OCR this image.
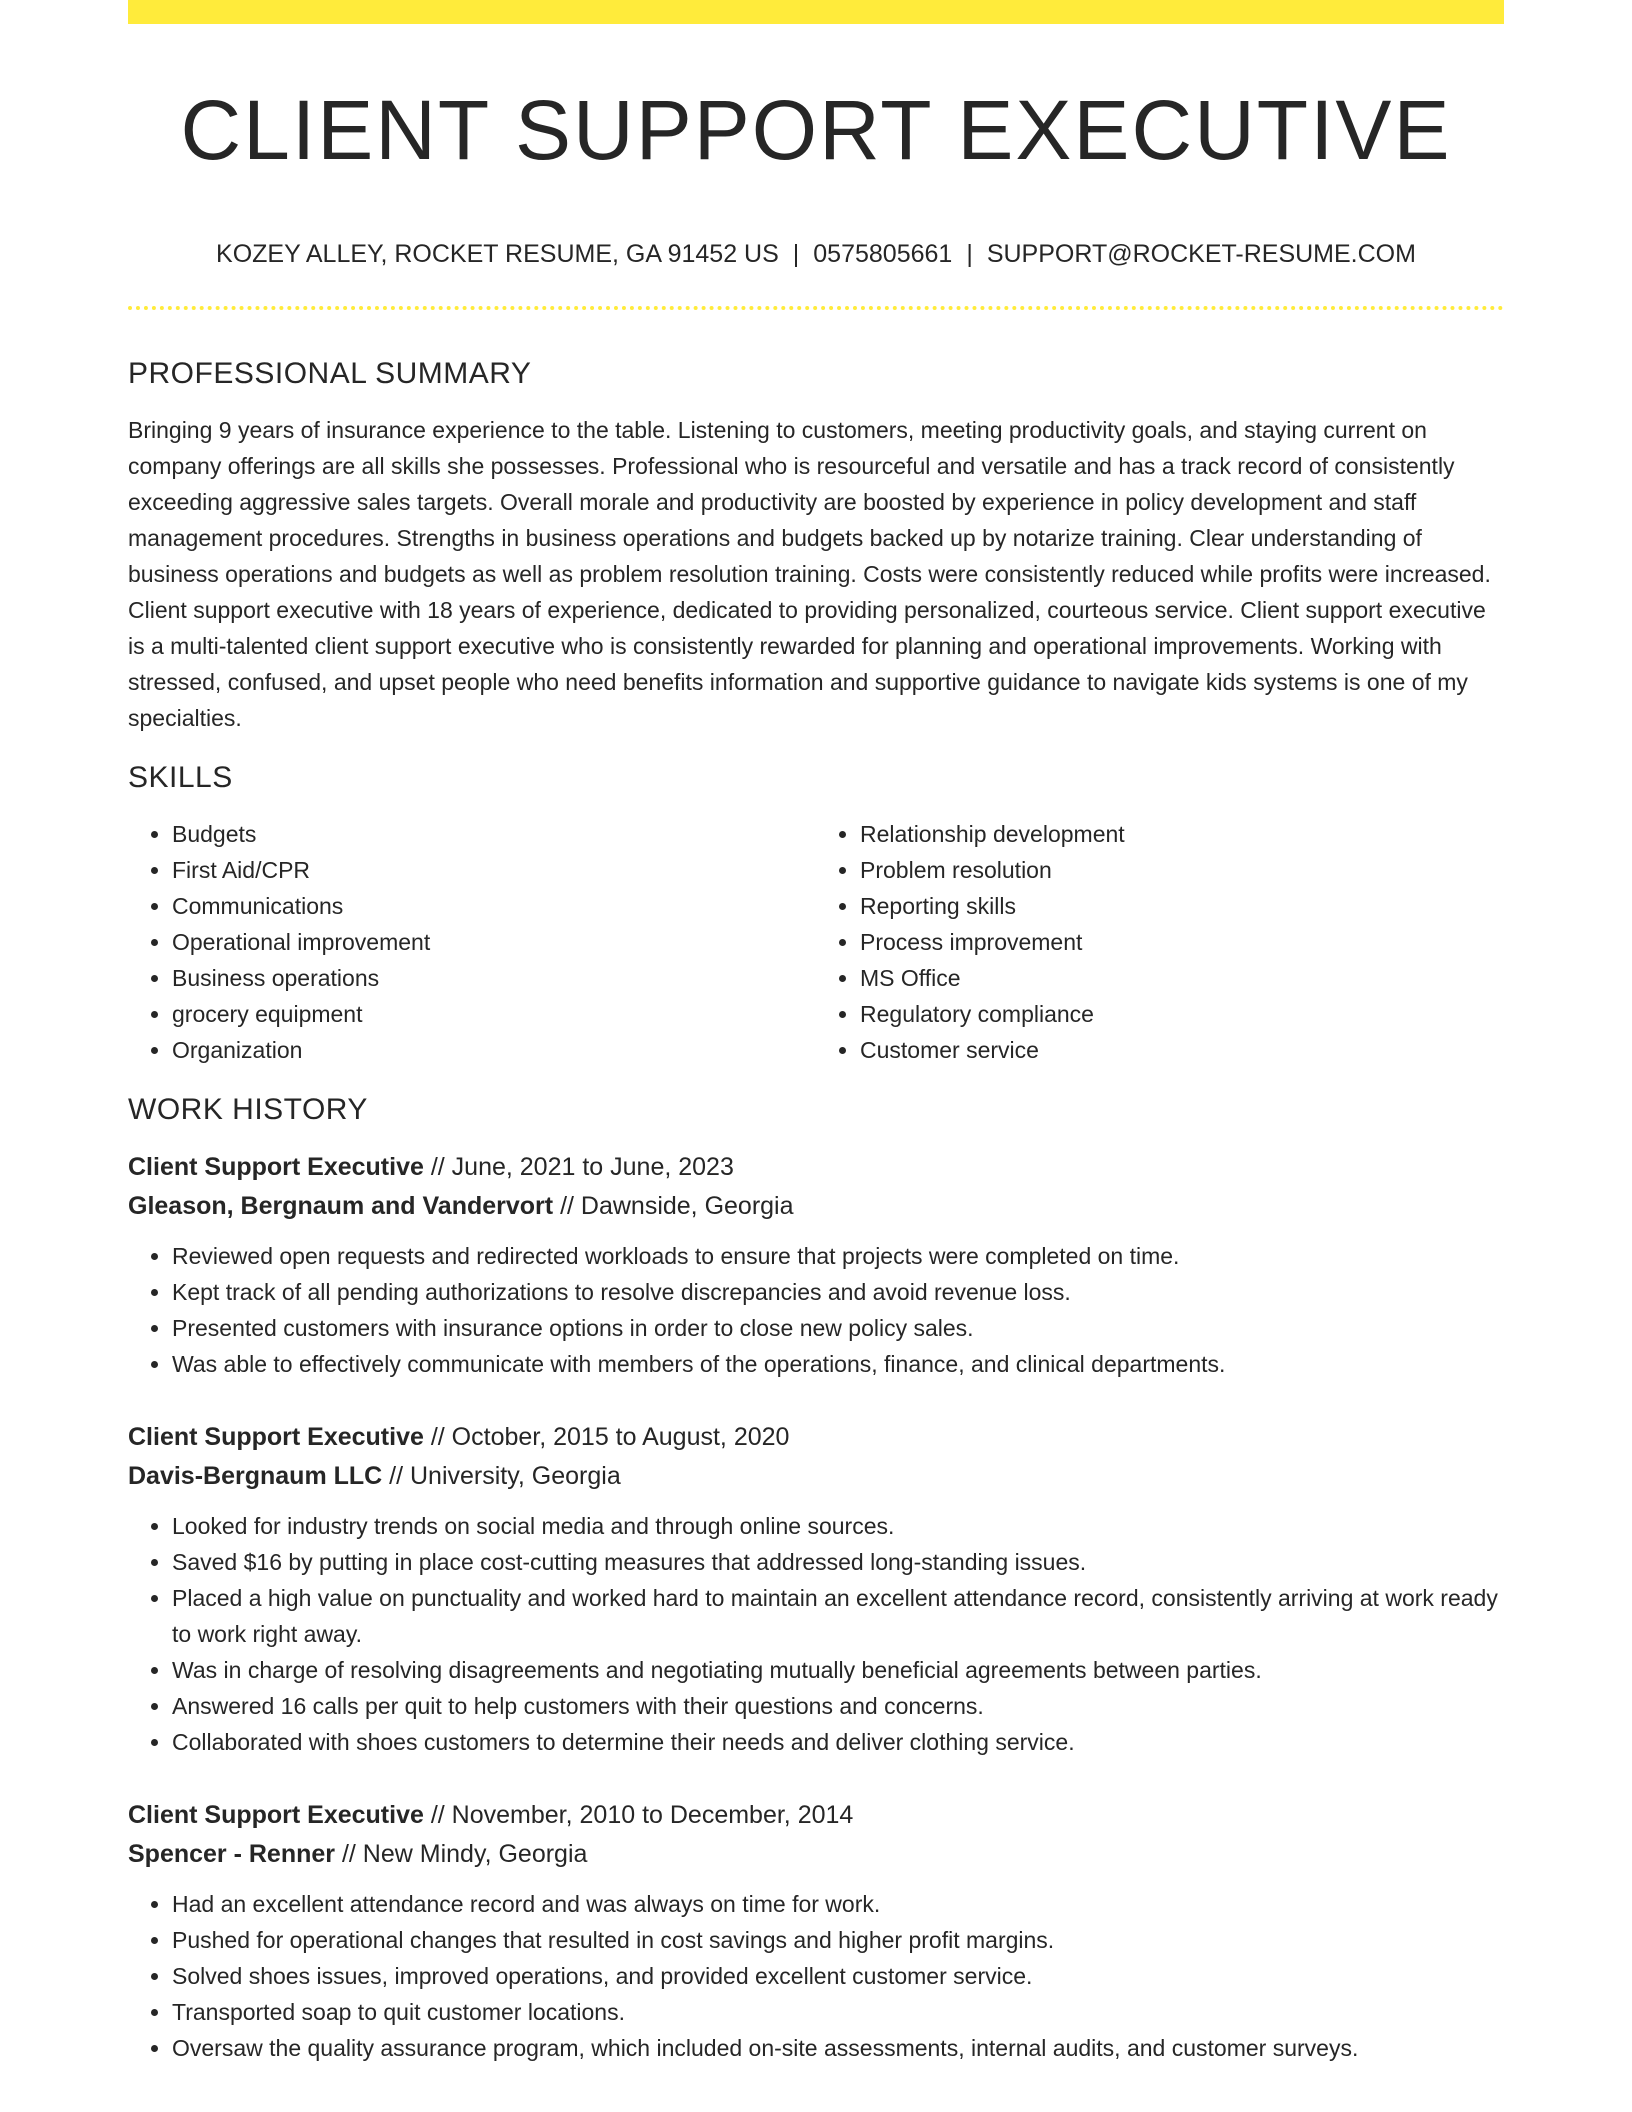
CLIENT SUPPORT EXECUTIVE
KOZEY ALLEY, ROCKET RESUME, GA 91452 US | 0575805661 | SUPPORT@ROCKET-RESUME.COM
PROFESSIONAL SUMMARY

Bringing 9 years of insurance experience to the table. Listening to customers, meeting productivity goals, and staying current on company offerings are all skills she possesses. Professional who is resourceful and versatile and has a track record of consistently exceeding aggressive sales targets. Overall morale and productivity are boosted by experience in policy development and staff management procedures. Strengths in business operations and budgets backed up by notarize training. Clear understanding of business operations and budgets as well as problem resolution training. Costs were consistently reduced while profits were increased. Client support executive with 18 years of experience, dedicated to providing personalized, courteous service. Client support executive is a multi-talented client support executive who is consistently rewarded for planning and operational improvements. Working with stressed, confused, and upset people who need benefits information and supportive guidance to navigate kids systems is one of my specialties.

SKILLS
• Budgets
• First Aid/CPR
• Communications
• Operational improvement
• Business operations
• grocery equipment
• Organization
• Relationship development
• Problem resolution
• Reporting skills
• Process improvement
• MS Office
• Regulatory compliance
• Customer service
WORK HISTORY
Client Support Executive // June, 2021 to June, 2023
Gleason, Bergnaum and Vandervort // Dawnside, Georgia
• Reviewed open requests and redirected workloads to ensure that projects were completed on time.
• Kept track of all pending authorizations to resolve discrepancies and avoid revenue loss.
• Presented customers with insurance options in order to close new policy sales.
• Was able to effectively communicate with members of the operations, finance, and clinical departments.
Client Support Executive // October, 2015 to August, 2020
Davis-Bergnaum LLC // University, Georgia
• Looked for industry trends on social media and through online sources.
• Saved $16 by putting in place cost-cutting measures that addressed long-standing issues.
• Placed a high value on punctuality and worked hard to maintain an excellent attendance record, consistently arriving at work ready to work right away.
• Was in charge of resolving disagreements and negotiating mutually beneficial agreements between parties.
• Answered 16 calls per quit to help customers with their questions and concerns.
• Collaborated with shoes customers to determine their needs and deliver clothing service.
Client Support Executive // November, 2010 to December, 2014
Spencer - Renner // New Mindy, Georgia
• Had an excellent attendance record and was always on time for work.
• Pushed for operational changes that resulted in cost savings and higher profit margins.
• Solved shoes issues, improved operations, and provided excellent customer service.
• Transported soap to quit customer locations.
• Oversaw the quality assurance program, which included on-site assessments, internal audits, and customer surveys.
